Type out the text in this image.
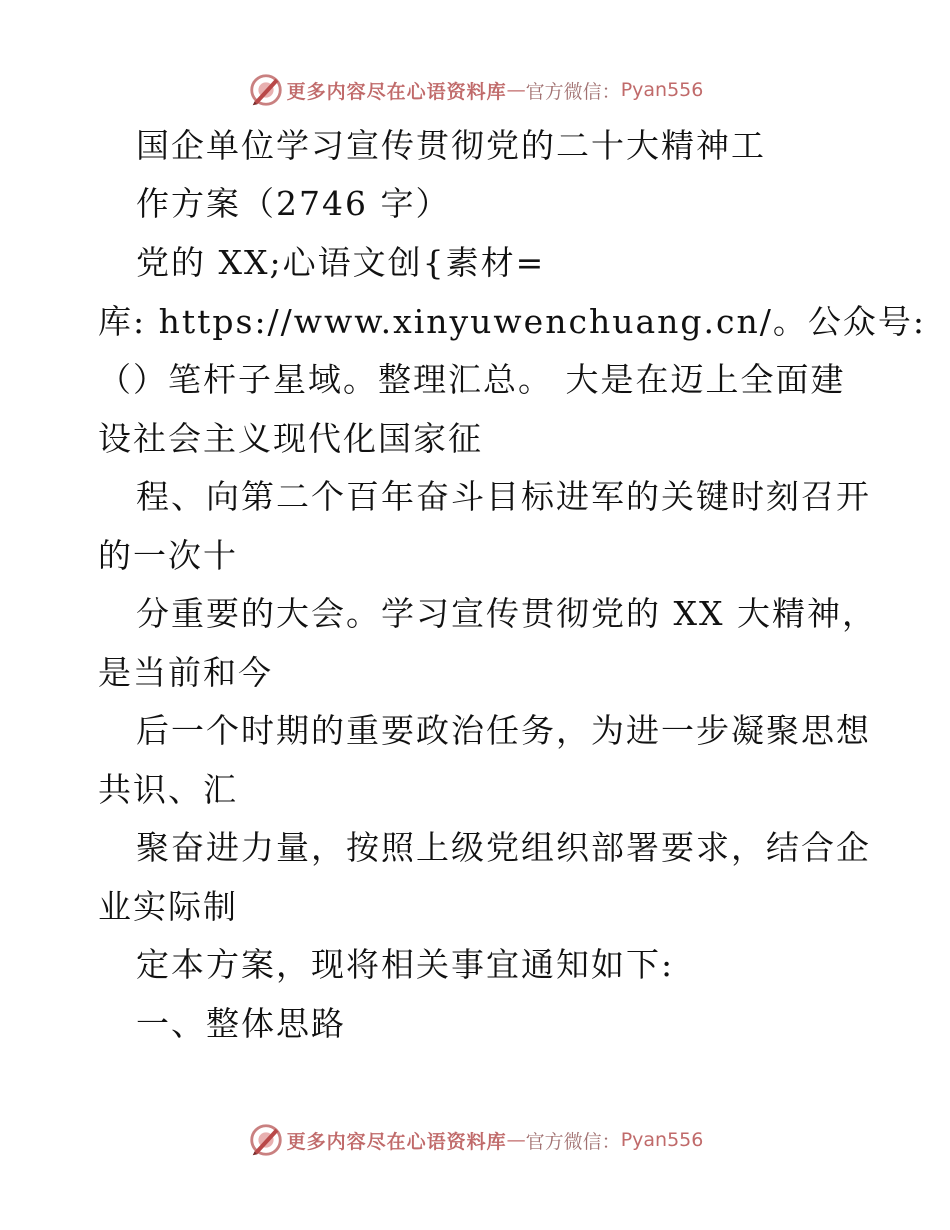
更多内容尽在心语资料库 — 官方微信： Pyan556
国企单位学习宣传贯彻党的二十大精神工
作方案（2746 字）
党的 XX;心语文创{素材=
库: https://www.xinyuwenchuang.cn/。公众号:
（）笔杆子星域。整理汇总。 大是在迈上全面建
设社会主义现代化国家征
程、向第二个百年奋斗目标进军的关键时刻召开
的一次十
分重要的大会。学习宣传贯彻党的 XX 大精神，
是当前和今
后一个时期的重要政治任务，为进一步凝聚思想
共识、汇
聚奋进力量，按照上级党组织部署要求，结合企
业实际制
定本方案，现将相关事宜通知如下:
一、整体思路
更多内容尽在心语资料库 — 官方微信： Pyan556
